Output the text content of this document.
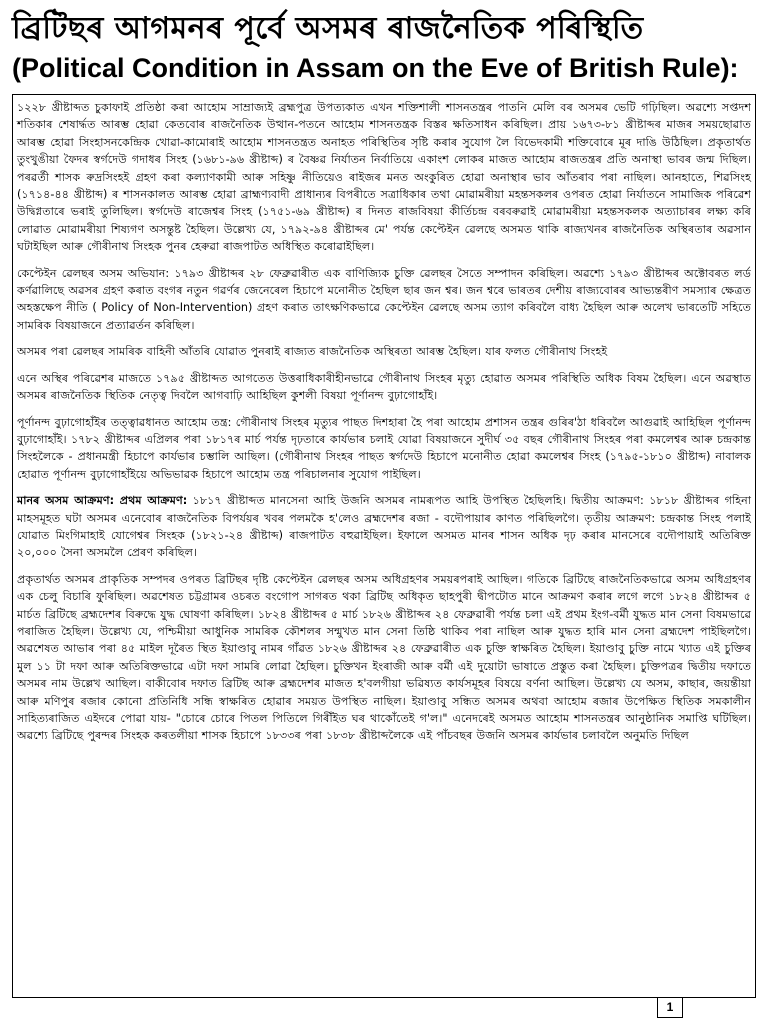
ব্ৰিটিছৰ আগমনৰ পূৰ্বে অসমৰ ৰাজনৈতিক পৰিস্থিতি
(Political Condition in Assam on the Eve of British Rule):

১২২৮ খ্ৰীষ্টাব্দত চুকাফাই প্ৰতিষ্ঠা কৰা আহোম সাম্ৰাজ্যই ব্ৰহ্মপুত্ৰ উপত্যকাত এখন শক্তিশালী শাসনতন্ত্ৰৰ পাতনি মেলি বৰ অসমৰ ভেটি গঢ়িছিল। অৱশ্যে সপ্তদশ শতিকাৰ শেষাৰ্দ্ধত আৰম্ভ হোৱা কেতবোৰ ৰাজনৈতিক উত্থান-পতনে আহোম শাসনতন্ত্ৰক বিস্তৰ ক্ষতিসাধন কৰিছিল। প্ৰায় ১৬৭৩-৮১ খ্ৰীষ্টাব্দৰ মাজৰ সময়ছোৱাত আৰম্ভ হোৱা সিংহাসনকেন্দ্ৰিক খোৱা-কামোৰাই আহোম শাসনতন্ত্ৰত অনাহত পৰিস্থিতিৰ সৃষ্টি কৰাৰ সুযোগ লৈ বিভেদকামী শক্তিবোৰে মূৰ দাঙি উঠিছিল। প্ৰকৃতাৰ্থত তুংখুঙীয়া ফৈদৰ স্বৰ্গদেউ গদাধৰ সিংহ (১৬৮১-৯৬ খ্ৰীষ্টাব্দ) ৰ বৈষ্ণৱ নিৰ্যাতন নিৰ্বাতিয়ে একাংশ লোকৰ মাজত আহোম ৰাজতন্ত্ৰৰ প্ৰতি অনাস্থা ভাবৰ জন্ম দিছিল। পৰৱৰ্তী শাসক ৰুদ্ৰসিংহই গ্ৰহণ কৰা কল্যাণকামী আৰু সহিষ্ণু নীতিয়েও ৰাইজৰ মনত অংকুৰিত হোৱা অনাস্থাৰ ভাব আঁতৰাব পৰা নাছিল। আনহাতে, শিৱসিংহ (১৭১৪-৪৪ খ্ৰীষ্টাব্দ) ৰ শাসনকালত আৰম্ভ হোৱা ব্ৰাহ্মণ্যবাদী প্ৰাধান্যৰ বিপৰীতে সত্ৰাধিকাৰ তথা মোৱামৰীয়া মহন্তসকলৰ ওপৰত হোৱা নিৰ্যাতনে সামাজিক পৰিৱেশ উদ্বিগ্নতাৰে ভৰাই তুলিছিল। স্বৰ্গদেউ ৰাজেশ্বৰ সিংহ (১৭৫১-৬৯ খ্ৰীষ্টাব্দ) ৰ দিনত ৰাজবিষয়া কীৰ্তিচন্দ্ৰ বৰবৰুৱাই মোৱামৰীয়া মহন্তসকলক অত্যাচাৰৰ লক্ষ্য কৰি লোৱাত মোৱামৰীয়া শিষ্যগণ অসন্তুষ্ট হৈছিল। উল্লেখ্য যে, ১৭৯২-৯৪ খ্ৰীষ্টাব্দৰ মে' পৰ্যন্ত কেপ্টেইন ৱেলছে অসমত থাকি ৰাজ্যখনৰ ৰাজনৈতিক অস্থিৰতাৰ অৱসান ঘটাইছিল আৰু গৌৰীনাথ সিংহক পুনৰ হেৰুৱা ৰাজপাটত অধিস্থিত কৰোৱাইছিল।

কেপ্টেইন ৱেলছৰ অসম অভিযান: ১৭৯৩ খ্ৰীষ্টাব্দৰ ২৮ ফেব্ৰুৱাৰীত এক বাণিজ্যিক চুক্তি ৱেলছৰ সৈতে সম্পাদন কৰিছিল। অৱশ্যে ১৭৯৩ খ্ৰীষ্টাব্দৰ অক্টোবৰত লৰ্ড কৰ্ণৱালিছে অৱসৰ গ্ৰহণ কৰাত বংগৰ নতুন গৱৰ্ণৰ জেনেৰেল হিচাপে মনোনীত হৈছিল ছাৰ জন শ্বৰ। জন শ্বৰে ভাৰতৰ দেশীয় ৰাজ্যবোৰৰ আভ্যন্তৰীণ সমস্যাৰ ক্ষেত্ৰত অহস্তক্ষেপ নীতি ( Policy of Non-Intervention) গ্ৰহণ কৰাত তাৎক্ষণিকভাৱে কেপ্টেইন ৱেলছে অসম ত্যাগ কৰিবলৈ বাধ্য হৈছিল আৰু অলেখ ভাৰতেটি সহিতে সামৰিক বিষয়াজনে প্ৰত্যাৱৰ্তন কৰিছিল।

অসমৰ পৰা ৱেলছৰ সামৰিক বাহিনী আঁতৰি যোৱাত পুনৰাই ৰাজ্যত ৰাজনৈতিক অস্থিৰতা আৰম্ভ হৈছিল। যাৰ ফলত গৌৰীনাথ সিংহই

এনে অস্থিৰ পৰিৱেশৰ মাজতে ১৭৯৫ খ্ৰীষ্টাব্দত আগতেত উত্তৰাধিকাৰীহীনভাৱে গৌৰীনাথ সিংহৰ মৃত্যু হোৱাত অসমৰ পৰিস্থিতি অধিক বিষম হৈছিল। এনে অৱস্থাত অসমৰ ৰাজনৈতিক স্থিতিক নেতৃত্ব দিবলৈ আগবাঢ়ি আহিছিল কুশলী বিষয়া পূৰ্ণানন্দ বুঢ়াগোহাঁই।

পূৰ্ণানন্দ বুঢ়াগোহাঁইৰ তত্ত্বাৱধানত আহোম তন্ত্ৰ: গৌৰীনাথ সিংহৰ মৃত্যুৰ পাছত দিশহাৰা হৈ পৰা আহোম প্ৰশাসন তন্ত্ৰৰ গুৰিৰ'ঠা ধৰিবলৈ আগুৱাই আহিছিল পূৰ্ণানন্দ বুঢ়াগোহাঁই। ১৭৮২ খ্ৰীষ্টাব্দৰ এপ্ৰিলৰ পৰা ১৮১৭ৰ মাৰ্চ পৰ্যন্ত দৃঢ়তাৰে কাৰ্যভাৰ চলাই যোৱা বিষয়াজনে সুদীৰ্ঘ ৩৫ বছৰ গৌৰীনাথ সিংহৰ পৰা কমলেশ্বৰ আৰু চন্দ্ৰকান্ত সিংহলৈকে - প্ৰধানমন্ত্ৰী হিচাপে কাৰ্যভাৰ চম্ভালি আছিল। (গৌৰীনাথ সিংহৰ পাছত স্বৰ্গদেউ হিচাপে মনোনীত হোৱা কমলেশ্বৰ সিংহ (১৭৯৫-১৮১০ খ্ৰীষ্টাব্দ) নাবালক হোৱাত পূৰ্ণানন্দ বুঢ়াগোহাঁইয়ে অভিভাৱক হিচাপে আহোম তন্ত্ৰ পৰিচালনাৰ সুযোগ পাইছিল।

মানৰ অসম আক্ৰমণ: প্ৰথম আক্ৰমণ: ১৮১৭ খ্ৰীষ্টাব্দত মানসেনা আহি উজনি অসমৰ নামৰূপত আহি উপস্থিত হৈছিলহি। দ্বিতীয় আক্ৰমণ: ১৮১৮ খ্ৰীষ্টাব্দৰ গহিনা মাহসমূহত ঘটা অসমৰ এনেবোৰ ৰাজনৈতিক বিপৰ্যয়ৰ খবৰ পলমকৈ হ'লেও ব্ৰহ্মদেশৰ ৰজা - বদৌপায়াৰ কাণত পৰিছিলগৈ। তৃতীয় আক্ৰমণ: চন্দ্ৰকান্ত সিংহ পলাই যোৱাত মিংগিমাহাই যোগেশ্বৰ সিংহক (১৮২১-২৪ খ্ৰীষ্টাব্দ) ৰাজপাটত বহুৱাইছিল। ইফালে অসমত মানৰ শাসন অধিক দৃঢ় কৰাৰ মানসেৰে বদৌপায়াই অতিৰিক্ত ২০,০০০ সৈনা অসমলৈ প্ৰেৰণ কৰিছিল।

প্ৰকৃতাৰ্থত অসমৰ প্ৰাকৃতিক সম্পদৰ ওপৰত ব্ৰিটিছৰ দৃষ্টি কেপ্টেইন ৱেলছৰ অসম অধিগ্ৰহণৰ সময়ৰপৰাই আছিল। গতিকে ব্ৰিটিছে ৰাজনৈতিকভাৱে অসম অধিগ্ৰহণৰ এক চেলু বিচাৰি ফুৰিছিল। অৱশেষত চট্টগ্ৰামৰ ওচৰত বংগোপ সাগৰত থকা ব্ৰিটিছ অধিকৃত ছাহপুৰী দ্বীপটোত মানে আক্ৰমণ কৰাৰ লগে লগে ১৮২৪ খ্ৰীষ্টাব্দৰ ৫ মাৰ্চত ব্ৰিটিছে ব্ৰহ্মদেশৰ বিৰুদ্ধে যুদ্ধ ঘোষণা কৰিছিল। ১৮২৪ খ্ৰীষ্টাব্দৰ ৫ মাৰ্চ ১৮২৬ খ্ৰীষ্টাব্দৰ ২৪ ফেব্ৰুৱাৰী পৰ্যন্ত চলা এই প্ৰথম ইংগ-বৰ্মী যুদ্ধত মান সেনা বিষমভাৱে পৰাজিত হৈছিল। উল্লেখ্য যে, পশ্চিমীয়া আধুনিক সামৰিক কৌশলৰ সন্মুখত মান সেনা তিষ্ঠি থাকিব পৰা নাছিল আৰু যুদ্ধত হাৰি মান সেনা ব্ৰহ্মদেশ পাইছিলগৈ। অৱশেষত আভাৰ পৰা ৪৫ মাইল দূৰৈত স্থিত ইয়াণ্ডাবু নামৰ গাঁৱত ১৮২৬ খ্ৰীষ্টাব্দৰ ২৪ ফেব্ৰুৱাৰীত এক চুক্তি স্বাক্ষৰিত হৈছিল। ইয়াণ্ডাবু চুক্তি নামে খ্যাত এই চুক্তিৰ মুল ১১ টা দফা আৰু অতিৰিক্তভাৱে এটা দফা সামৰি লোৱা হৈছিল। চুক্তিখন ইংৰাজী আৰু বৰ্মী এই দুয়োটা ভাষাতে প্ৰস্তুত কৰা হৈছিল। চুক্তিপত্ৰৰ দ্বিতীয় দফাতে অসমৰ নাম উল্লেখ আছিল। বাকীবোৰ দফাত ব্ৰিটিছ আৰু ব্ৰহ্মদেশৰ মাজত হ'বলগীয়া ভৱিষ্যত কাৰ্যসমূহৰ বিষয়ে বৰ্ণনা আছিল। উল্লেখ্য যে অসম, কাছাৰ, জয়ন্তীয়া আৰু মণিপুৰ ৰজাৰ কোনো প্ৰতিনিধি সন্ধি স্বাক্ষৰিত হোৱাৰ সময়ত উপস্থিত নাছিল। ইয়াণ্ডাবু সন্ধিত অসমৰ অথবা আহোম ৰজাৰ উপেক্ষিত স্থিতিক সমকালীন সাহিত্যৰাজিত এইদৰে পোৱা যায়- "চোৰে চোৰে পিতল পিতিলে গিৰীঁইত ঘৰ থাকোঁতেই গ'ল।" এনেদৰেই অসমত আহোম শাসনতন্ত্ৰৰ আনুষ্ঠানিক সমাপ্তি ঘটিছিল। অৱশ্যে ব্ৰিটিছে পুৰন্দৰ সিংহক কৰতলীয়া শাসক হিচাপে ১৮৩৩ৰ পৰা ১৮৩৮ খ্ৰীষ্টাব্দলৈকে এই পাঁচবছৰ উজনি অসমৰ কাৰ্যভাৰ চলাবলৈ অনুমতি দিছিল

1
